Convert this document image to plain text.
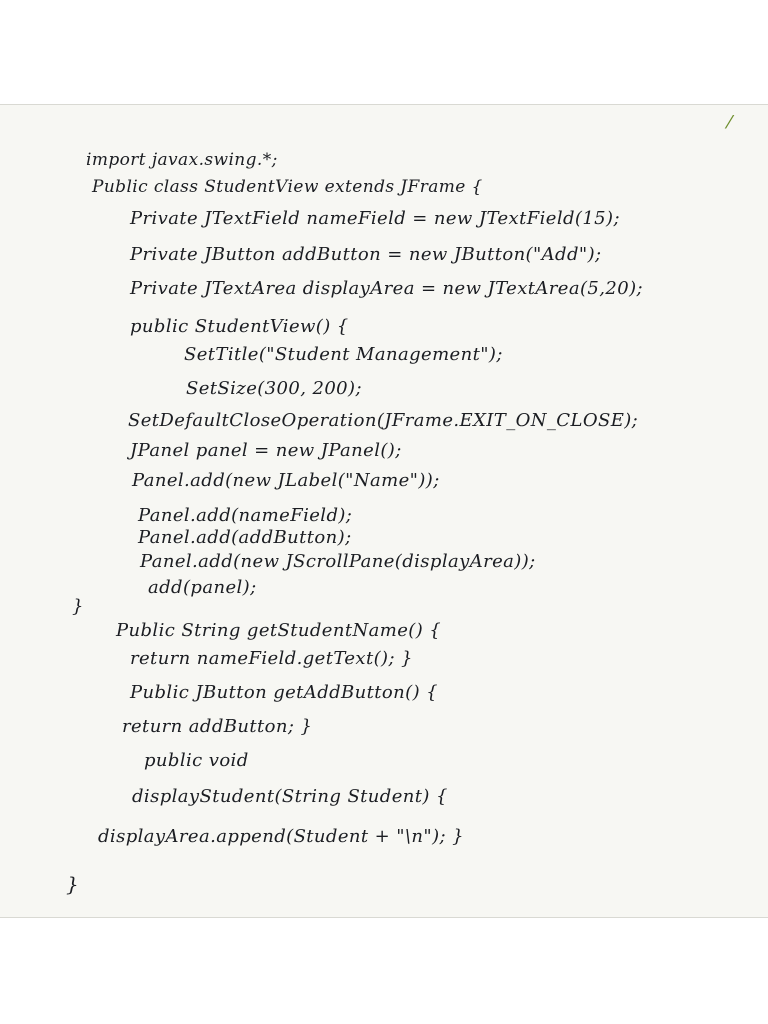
⁄
import javax.swing.*;
Public class StudentView extends JFrame {
Private JTextField nameField = new JTextField(15);
Private JButton addButton = new JButton("Add");
Private JTextArea displayArea = new JTextArea(5,20);
public StudentView() {
SetTitle("Student Management");
SetSize(300, 200);
SetDefaultCloseOperation(JFrame.EXIT_ON_CLOSE);
JPanel panel = new JPanel();
Panel.add(new JLabel("Name"));
Panel.add(nameField);
Panel.add(addButton);
Panel.add(new JScrollPane(displayArea));
add(panel);
}
Public String getStudentName() {
return nameField.getText(); }
Public JButton getAddButton() {
return addButton; }
public void
displayStudent(String Student) {
displayArea.append(Student + "\n"); }
}
